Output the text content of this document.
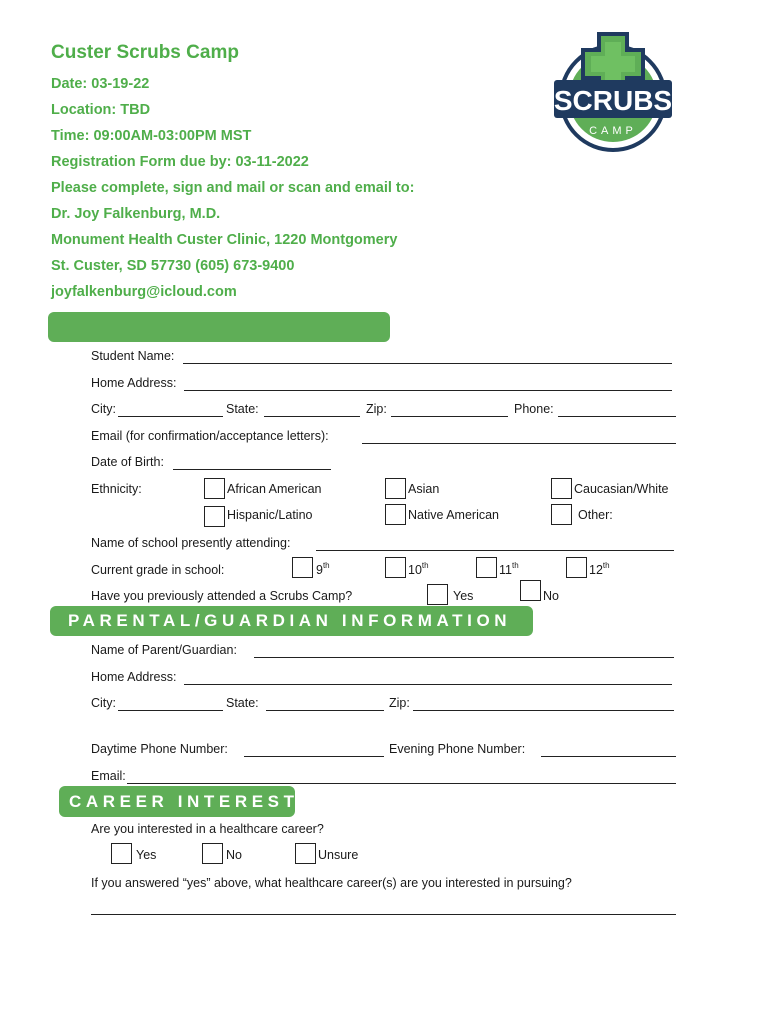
Custer Scrubs Camp
Date: 03-19-22
Location: TBD
Time: 09:00AM-03:00PM MST
Registration Form due by: 03-11-2022
Please complete, sign and mail or scan and email to:
Dr. Joy Falkenburg, M.D.
Monument Health Custer Clinic, 1220 Montgomery
St. Custer, SD 57730 (605) 673-9400
joyfalkenburg@icloud.com
SCRUBS
CAMP
Student Name:
Home Address:
City:	State:	Zip:	Phone:
Email (for confirmation/acceptance letters):
Date of Birth:
Ethnicity:	African American	Asian	Caucasian/White
Hispanic/Latino	Native American	Other:
Name of school presently attending:
Current grade in school:	9th	10th	11th	12th
Have you previously attended a Scrubs Camp?	Yes	No
PARENTAL/GUARDIAN INFORMATION
Name of Parent/Guardian:
Home Address:
City:	State:	Zip:
Daytime Phone Number:	Evening Phone Number:
Email:
CAREER INTEREST
Are you interested in a healthcare career?
Yes	No	Unsure
If you answered “yes” above, what healthcare career(s) are you interested in pursuing?
